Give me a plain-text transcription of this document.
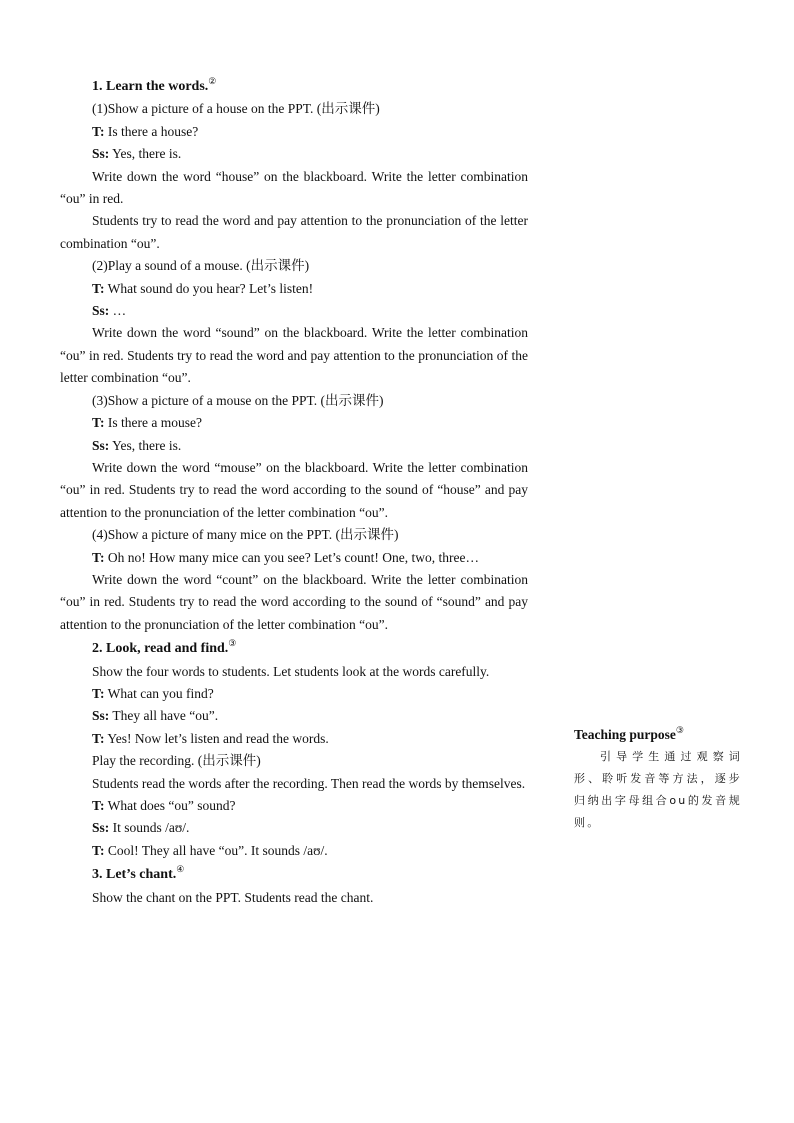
1. Learn the words.②

(1)Show a picture of a house on the PPT. (出示课件)

T: Is there a house?

Ss: Yes, there is.

Write down the word “house” on the blackboard. Write the letter combination “ou” in red.

Students try to read the word and pay attention to the pronunciation of the letter combination “ou”.

(2)Play a sound of a mouse. (出示课件)

T: What sound do you hear? Let’s listen!

Ss: …

Write down the word “sound” on the blackboard. Write the letter combination “ou” in red. Students try to read the word and pay attention to the pronunciation of the letter combination “ou”.

(3)Show a picture of a mouse on the PPT. (出示课件)

T: Is there a mouse?

Ss: Yes, there is.

Write down the word “mouse” on the blackboard. Write the letter combination “ou” in red. Students try to read the word according to the sound of “house” and pay attention to the pronunciation of the letter combination “ou”.

(4)Show a picture of many mice on the PPT. (出示课件)

T: Oh no! How many mice can you see? Let’s count! One, two, three…

Write down the word “count” on the blackboard. Write the letter combination “ou” in red. Students try to read the word according to the sound of “sound” and pay attention to the pronunciation of the letter combination “ou”.

2. Look, read and find.③

Show the four words to students. Let students look at the words carefully.

T: What can you find?

Ss: They all have “ou”.

T: Yes! Now let’s listen and read the words.

Play the recording. (出示课件)

Students read the words after the recording. Then read the words by themselves.

T: What does “ou” sound?

Ss: It sounds /aʊ/.

T: Cool! They all have “ou”. It sounds /aʊ/.

3. Let’s chant.④

Show the chant on the PPT. Students read the chant.

Teaching purpose③

引导学生通过观察词形、聆听发音等方法，逐步归纳出字母组合ou的发音规则。
